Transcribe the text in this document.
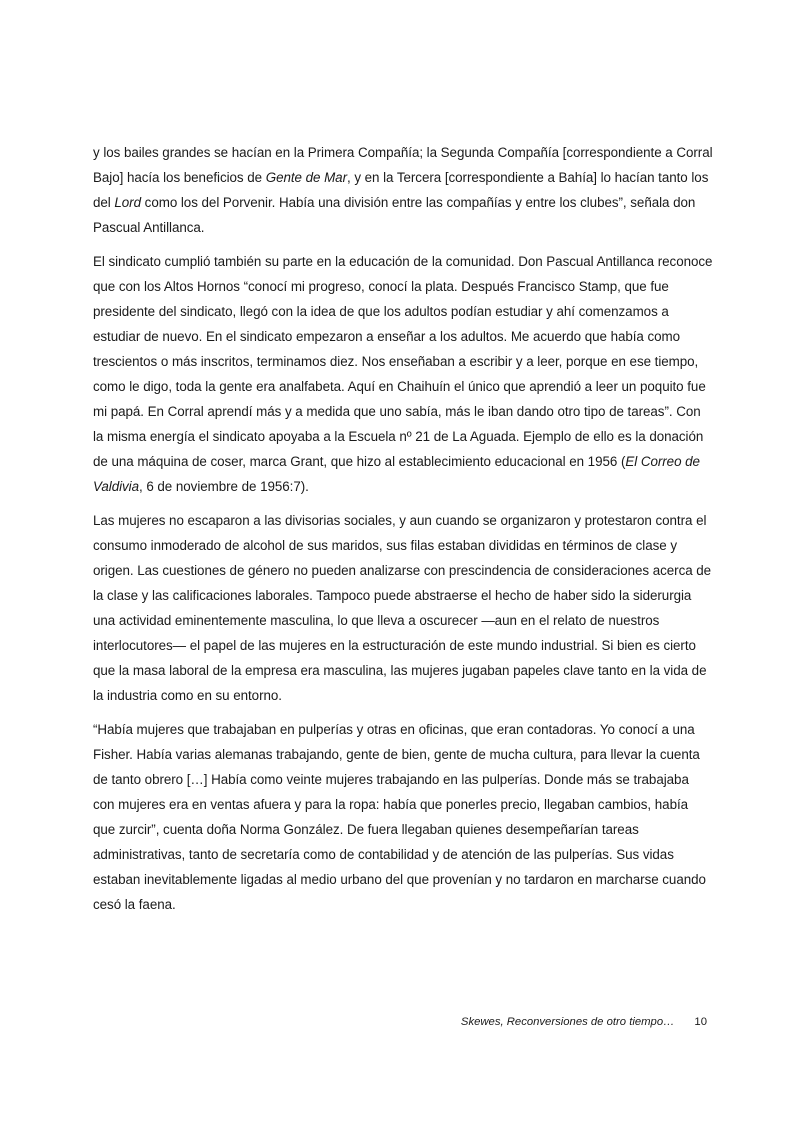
y los bailes grandes se hacían en la Primera Compañía; la Segunda Compañía [correspondiente a Corral Bajo] hacía los beneficios de Gente de Mar, y en la Tercera [correspondiente a Bahía] lo hacían tanto los del Lord como los del Porvenir. Había una división entre las compañías y entre los clubes”, señala don Pascual Antillanca.

El sindicato cumplió también su parte en la educación de la comunidad. Don Pascual Antillanca reconoce que con los Altos Hornos “conocí mi progreso, conocí la plata. Después Francisco Stamp, que fue presidente del sindicato, llegó con la idea de que los adultos podían estudiar y ahí comenzamos a estudiar de nuevo. En el sindicato empezaron a enseñar a los adultos. Me acuerdo que había como trescientos o más inscritos, terminamos diez. Nos enseñaban a escribir y a leer, porque en ese tiempo, como le digo, toda la gente era analfabeta. Aquí en Chaihuín el único que aprendió a leer un poquito fue mi papá. En Corral aprendí más y a medida que uno sabía, más le iban dando otro tipo de tareas”. Con la misma energía el sindicato apoyaba a la Escuela nº 21 de La Aguada. Ejemplo de ello es la donación de una máquina de coser, marca Grant, que hizo al establecimiento educacional en 1956 (El Correo de Valdivia, 6 de noviembre de 1956:7).

Las mujeres no escaparon a las divisorias sociales, y aun cuando se organizaron y protestaron contra el consumo inmoderado de alcohol de sus maridos, sus filas estaban divididas en términos de clase y origen. Las cuestiones de género no pueden analizarse con prescindencia de consideraciones acerca de la clase y las calificaciones laborales. Tampoco puede abstraerse el hecho de haber sido la siderurgia una actividad eminentemente masculina, lo que lleva a oscurecer —aun en el relato de nuestros interlocutores— el papel de las mujeres en la estructuración de este mundo industrial. Si bien es cierto que la masa laboral de la empresa era masculina, las mujeres jugaban papeles clave tanto en la vida de la industria como en su entorno.

“Había mujeres que trabajaban en pulperías y otras en oficinas, que eran contadoras. Yo conocí a una Fisher. Había varias alemanas trabajando, gente de bien, gente de mucha cultura, para llevar la cuenta de tanto obrero […] Había como veinte mujeres trabajando en las pulperías. Donde más se trabajaba con mujeres era en ventas afuera y para la ropa: había que ponerles precio, llegaban cambios, había que zurcir”, cuenta doña Norma González. De fuera llegaban quienes desempeñarían tareas administrativas, tanto de secretaría como de contabilidad y de atención de las pulperías. Sus vidas estaban inevitablemente ligadas al medio urbano del que provenían y no tardaron en marcharse cuando cesó la faena.

Skewes, Reconversiones de otro tiempo… 10
